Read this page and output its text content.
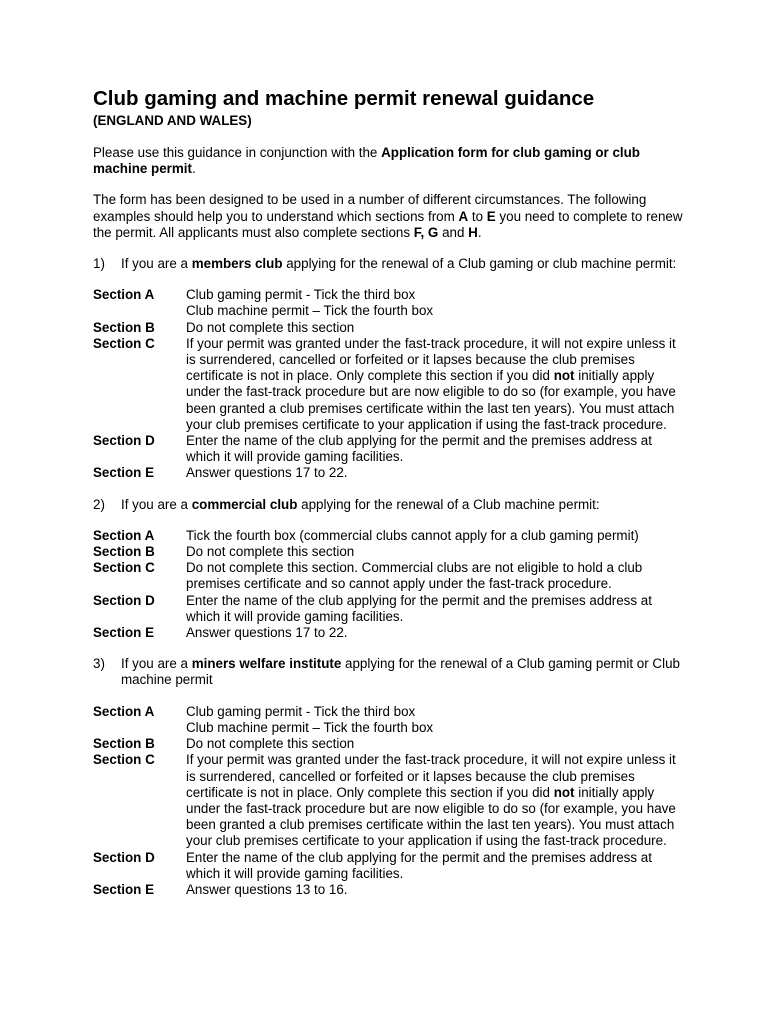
Club gaming and machine permit renewal guidance
(ENGLAND AND WALES)

Please use this guidance in conjunction with the Application form for club gaming or club machine permit.

The form has been designed to be used in a number of different circumstances. The following examples should help you to understand which sections from A to E you need to complete to renew the permit. All applicants must also complete sections F, G and H.

1)	If you are a members club applying for the renewal of a Club gaming or club machine permit:
Section A	Club gaming permit - Tick the third box
Club machine permit – Tick the fourth box

Section B	Do not complete this section
Section C	If your permit was granted under the fast-track procedure, it will not expire unless it is surrendered, cancelled or forfeited or it lapses because the club premises certificate is not in place. Only complete this section if you did not initially apply under the fast-track procedure but are now eligible to do so (for example, you have been granted a club premises certificate within the last ten years). You must attach your club premises certificate to your application if using the fast-track procedure.
Section D	Enter the name of the club applying for the permit and the premises address at which it will provide gaming facilities.
Section E	Answer questions 17 to 22.
2)	If you are a commercial club applying for the renewal of a Club machine permit:
Section A	Tick the fourth box (commercial clubs cannot apply for a club gaming permit)
Section B	Do not complete this section
Section C	Do not complete this section. Commercial clubs are not eligible to hold a club premises certificate and so cannot apply under the fast-track procedure.
Section D	Enter the name of the club applying for the permit and the premises address at which it will provide gaming facilities.
Section E	Answer questions 17 to 22.
3)	If you are a miners welfare institute applying for the renewal of a Club gaming permit or Club machine permit
Section A	Club gaming permit - Tick the third box
Club machine permit – Tick the fourth box

Section B	Do not complete this section
Section C	If your permit was granted under the fast-track procedure, it will not expire unless it is surrendered, cancelled or forfeited or it lapses because the club premises certificate is not in place. Only complete this section if you did not initially apply under the fast-track procedure but are now eligible to do so (for example, you have been granted a club premises certificate within the last ten years). You must attach your club premises certificate to your application if using the fast-track procedure.
Section D	Enter the name of the club applying for the permit and the premises address at which it will provide gaming facilities.
Section E	Answer questions 13 to 16.
